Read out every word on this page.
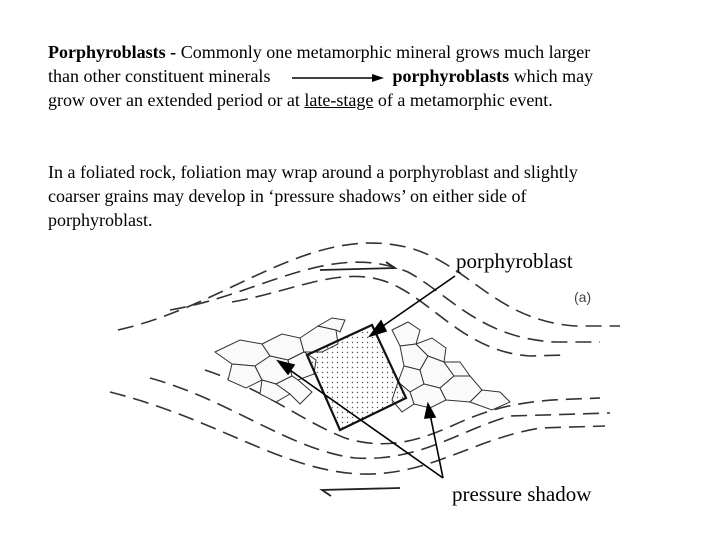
Porphyroblasts - Commonly one metamorphic mineral grows much larger
than other constituent minerals	porphyroblasts which may
grow over an extended period or at late-stage of a metamorphic event.
In a foliated rock, foliation may wrap around a porphyroblast and slightly
coarser grains may develop in ‘pressure shadows’ on either side of
porphyroblast.
(a)
porphyroblast
pressure shadow
